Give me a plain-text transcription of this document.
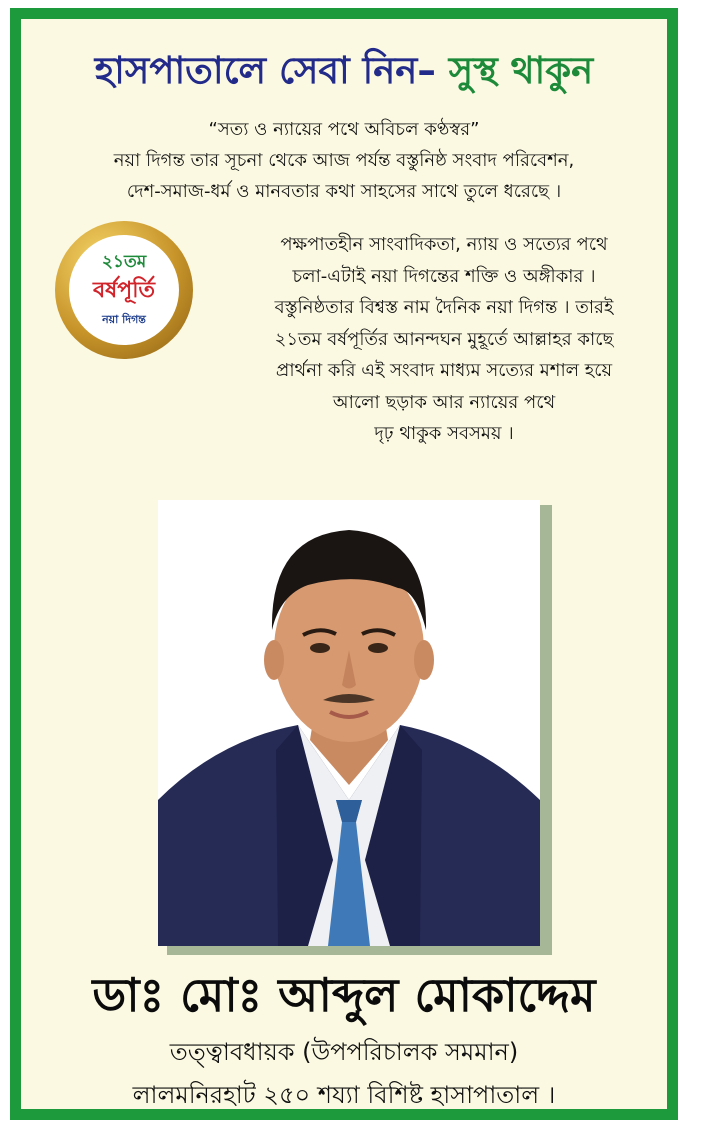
হাসপাতালে সেবা নিন– সুস্থ থাকুন
“সত্য ও ন্যায়ের পথে অবিচল কণ্ঠস্বর”
নয়া দিগন্ত তার সূচনা থেকে আজ পর্যন্ত বস্তুনিষ্ঠ সংবাদ পরিবেশন,
দেশ-সমাজ-ধর্ম ও মানবতার কথা সাহসের সাথে তুলে ধরেছে ।
২১তম
বর্ষপূর্তি
নয়া দিগন্ত
পক্ষপাতহীন সাংবাদিকতা, ন্যায় ও সত্যের পথে
চলা-এটাই নয়া দিগন্তের শক্তি ও অঙ্গীকার ।
বস্তুনিষ্ঠতার বিশ্বস্ত নাম দৈনিক নয়া দিগন্ত । তারই
২১তম বর্ষপূর্তির আনন্দঘন মুহূর্তে আল্লাহর কাছে
প্রার্থনা করি এই সংবাদ মাধ্যম সত্যের মশাল হয়ে
আলো ছড়াক আর ন্যায়ের পথে
দৃঢ় থাকুক সবসময় ।
ডাঃ মোঃ আব্দুল মোকাদ্দেম
তত্ত্বাবধায়ক (উপপরিচালক সমমান)
লালমনিরহাট ২৫০ শয্যা বিশিষ্ট হাসাপাতাল ।
